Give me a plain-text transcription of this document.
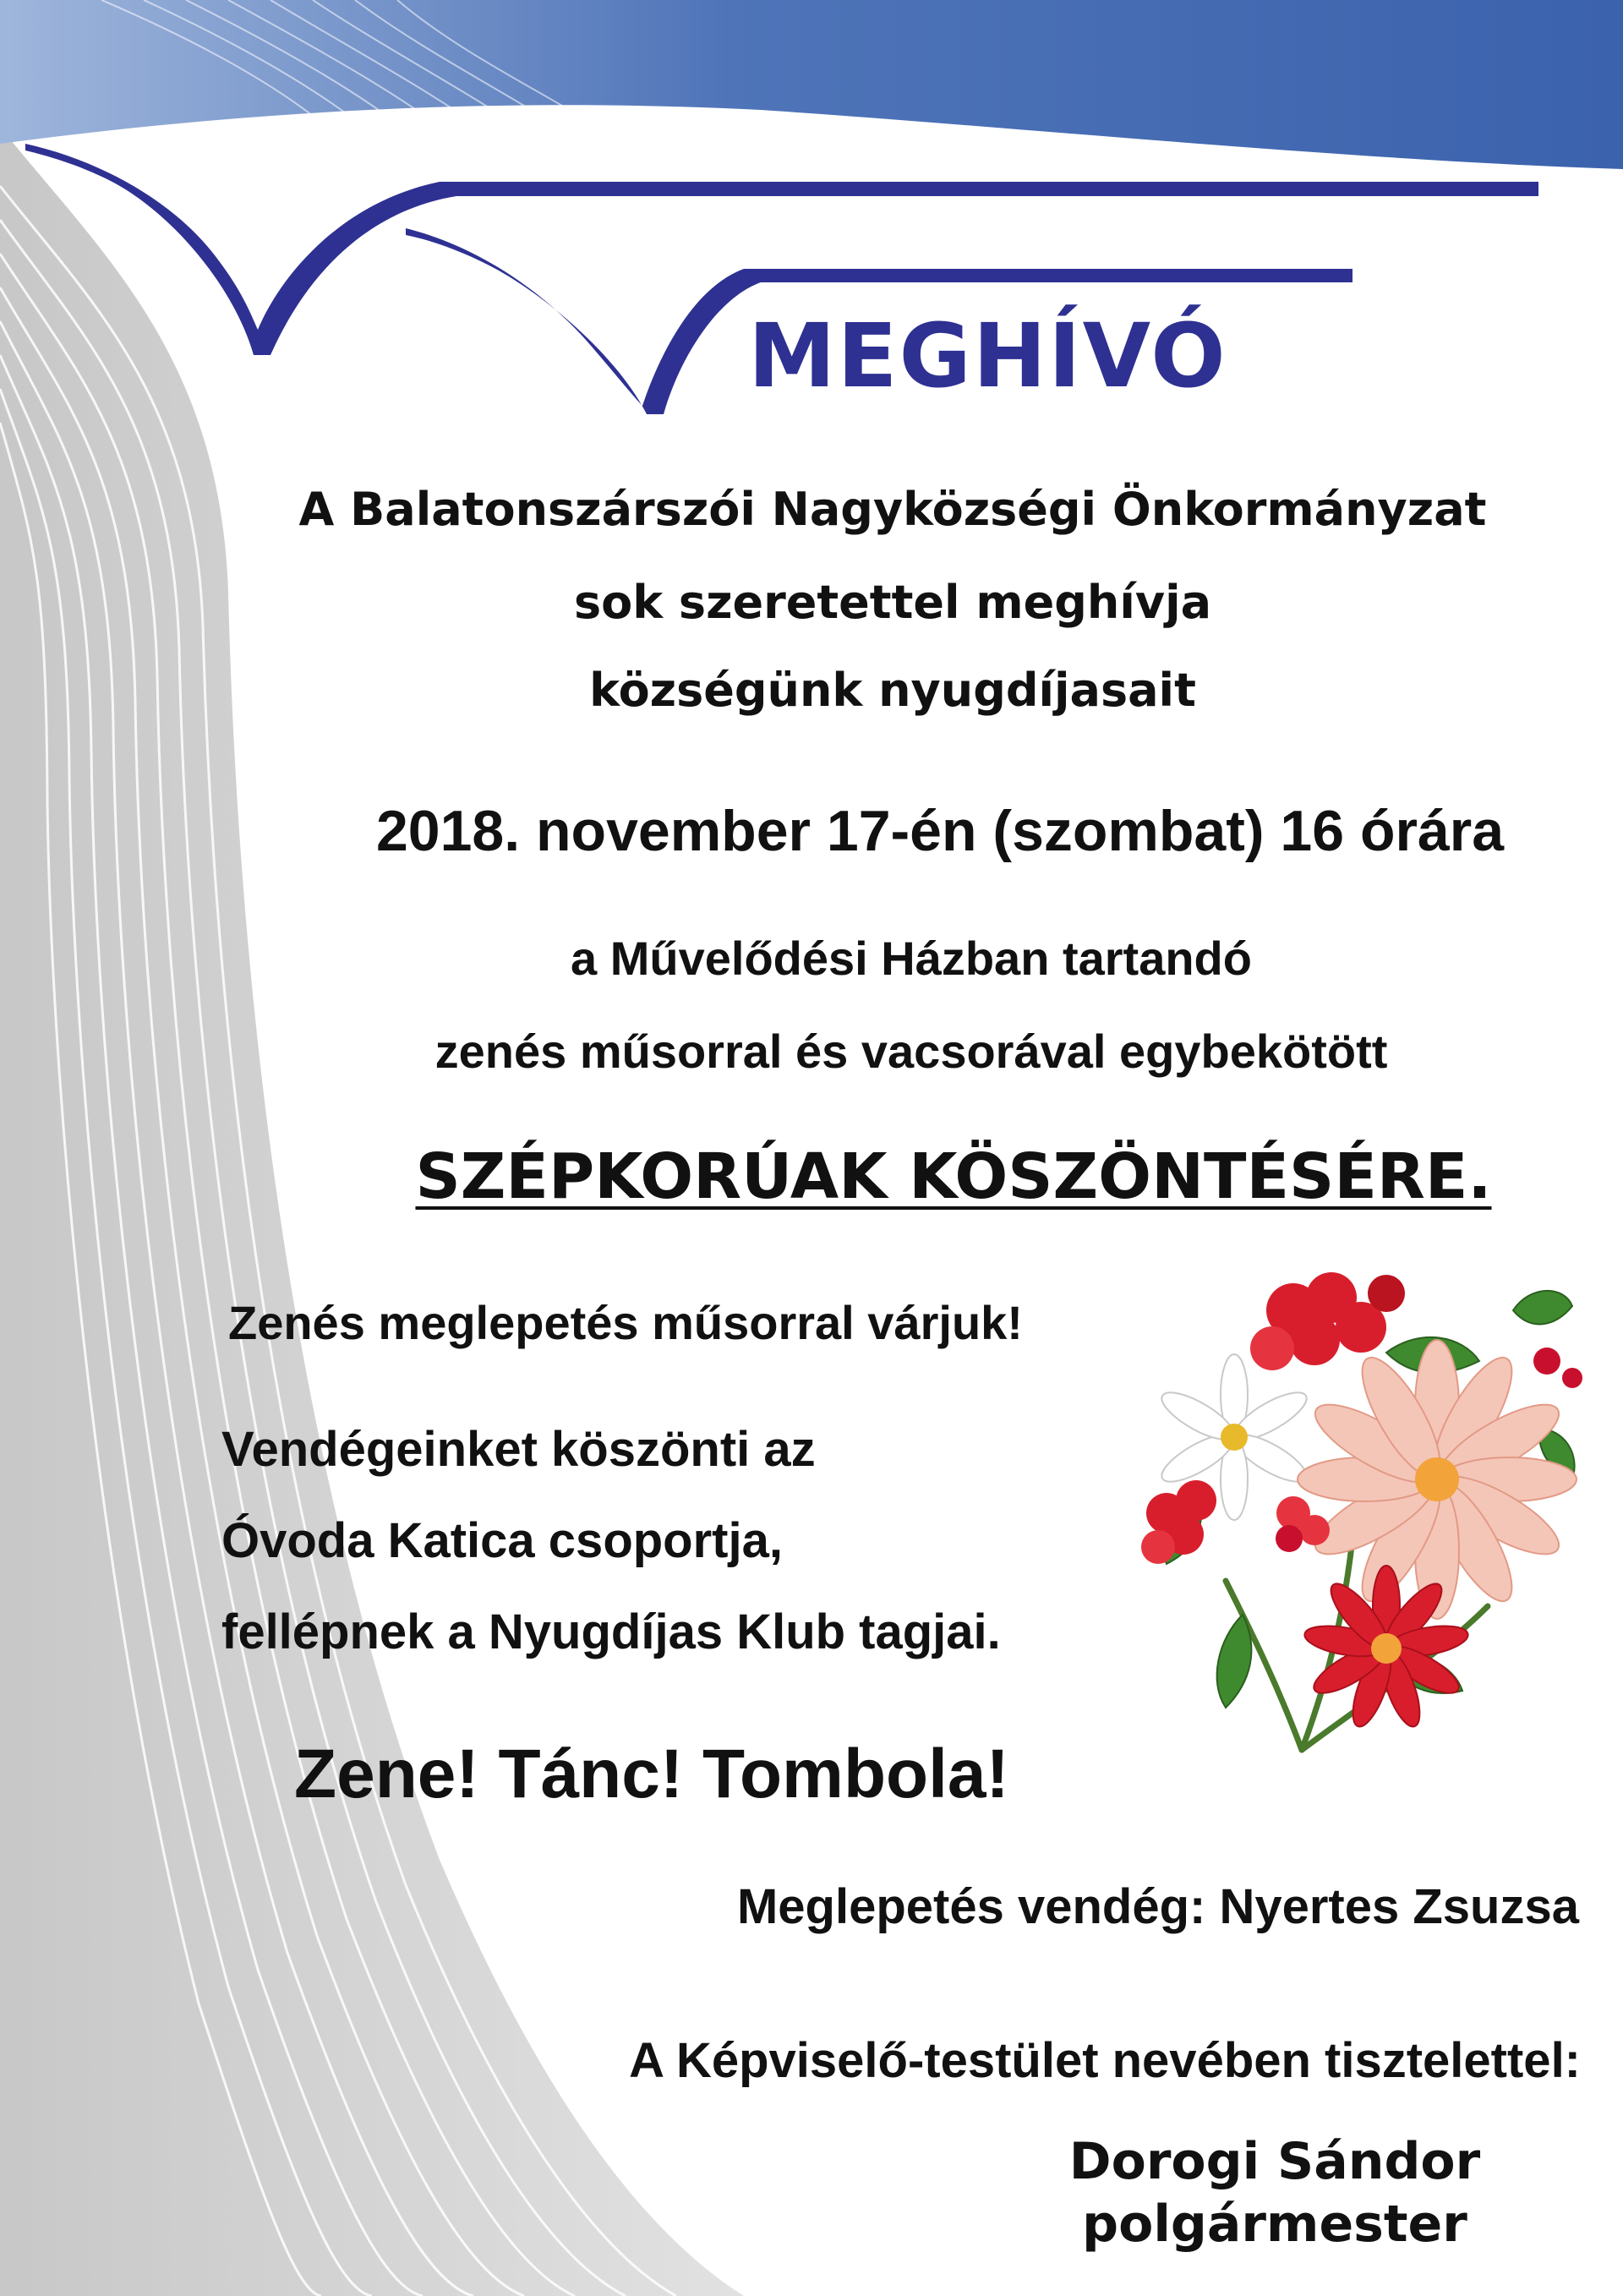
MEGHÍVÓ
A Balatonszárszói Nagyközségi Önkormányzat
sok szeretettel meghívja
községünk nyugdíjasait
2018. november 17-én (szombat) 16 órára
a Művelődési Házban tartandó
zenés műsorral és vacsorával egybekötött
SZÉPKORÚAK KÖSZÖNTÉSÉRE.
Zenés meglepetés műsorral várjuk!
Vendégeinket köszönti az
Óvoda Katica csoportja,
fellépnek a Nyugdíjas Klub tagjai.
Zene! Tánc! Tombola!
Meglepetés vendég: Nyertes Zsuzsa
A Képviselő-testület nevében tisztelettel:
Dorogi Sándor
polgármester
